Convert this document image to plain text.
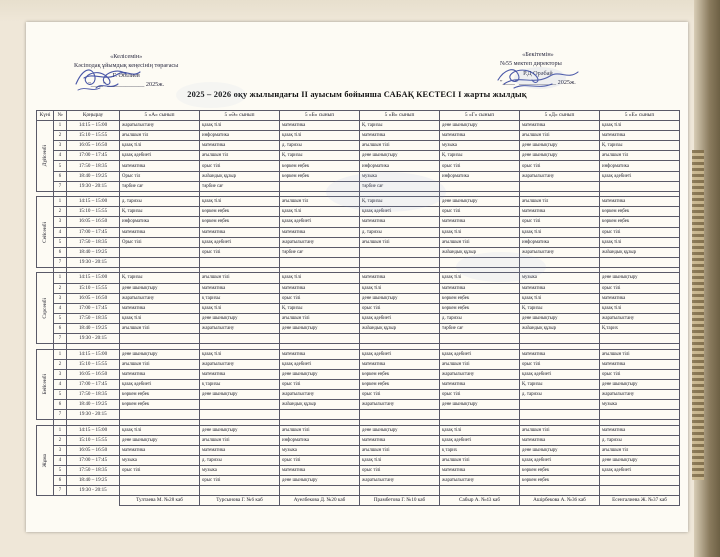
«Келісемін»
Кәсіподақ ұйымдық кеңесінің төрағасы
Г. Әбілиев
"____" ____________ 2025ж.
«Бекітемін»
№55 мектеп директоры
Р.Д Орәбай
"____" ____________ 2025ж.
2025 – 2026 оқу жылындағы II ауысым бойынша САБАҚ КЕСТЕСІ I жарты жылдық
Күні	№	Қоңырау	5 «А» сынып	5 «Ә» сынып	5 «Б» сынып	5 «В» сынып	5 «Г» сынып	5 «Д» сынып	5 «Е» сынып

Дүйсенбі	1	14:15 – 15:00	жаратылыстану	қазақ тілі	математика	Қ. тарихы	дене шынықтыру	математика	қазақ тілі
	2	15:10 – 15:55	ағылшын тіл	информатика	қазақ тілі	математика	математика	ағылшын тілі	математика
	3	16:05 – 16:50	қазақ тілі	математика	д. тарихы	ағылшын тілі	музыка	дене шынықтыру	Қ. тарихы
	4	17:00 – 17:45	қазақ әдебиеті	ағылшын тіл	Қ. тарихы	дене шынықтыру	Қ. тарихы	дене шынықтыру	ағылшын тіл
	5	17:50 – 18:35	математика	орыс тілі	көркем еңбек	информатика	орыс тілі	орыс тілі	информатика
	6	18:40 – 19:25	Орыс тіл	жаһандық құзыр	көркем еңбек	музыка	информатика	жаратылыстану	қазақ әдебиеті
	7	19:30 - 20:15	тәрбие сағ	тәрбие сағ		тәрбие сағ			

Сейсенбі	1	14:15 – 15:00	д. тарихы	қазақ тілі	ағылшын тіл	Қ. тарихы	дене шынықтыру	ағылшын тіл	математика
	2	15:10 – 15:55	Қ. тарихы	көркем еңбек	қазақ тілі	қазақ әдебиеті	орыс тілі	математика	көркем еңбек
	3	16:05 – 16:50	информатика	көркем еңбек	қазақ әдебиеті	математика	математика	орыс тілі	көркем еңбек
	4	17:00 – 17:45	математика	математика	математика	д. тарихы	қазақ тілі	қазақ тілі	орыс тілі
	5	17:50 – 18:35	Орыс тілі	қазақ әдебиеті	жаратылыстану	ағылшын тілі	ағылшын тілі	информатика	қазақ тілі
	6	18:40 – 19:25		орыс тілі	тәрбие сағ		жаһандық құзыр	жаратылыстану	жаһандық құзыр
	7	19:30 - 20:15							

Сәрсенбі	1	14:15 – 15:00	Қ. тарихы	ағылшын тілі	қазақ тілі	математика	қазақ тілі	музыка	дене шынықтыру
	2	15:10 – 15:55	дене шынықтыру	математика	математика	қазақ тілі	математика	математика	орыс тілі
	3	16:05 – 16:50	жаратылыстану	қ тарихы	орыс тілі	дене шынықтыру	көркем еңбек	қазақ тілі	математика
	4	17:00 – 17:45	математика	қазақ тілі	Қ. тарихы	орыс тілі	көркем еңбек	Қ. тарихы	қазақ тілі
	5	17:50 – 18:35	қазақ тілі	дене шынықтыру	ағылшын тілі	қазақ әдебиеті	д. тарихы	дене шынықтыру	жаратылыстану
	6	18:40 – 19:25	ағылшын тілі	жаратылыстану	дене шынықтыру	жаһандық құзыр	тәрбие сағ	жаһандық құзыр	Қ.тарих
	7	19:30 - 20:15							

Бейсенбі	1	14:15 – 15:00	дене шынықтыру	қазақ тілі	математика	қазақ әдебиеті	қазақ әдебиеті	математика	ағылшын тілі
	2	15:10 – 15:55	ағылшын тілі	жаратылыстану	қазақ әдебиеті	математика	ағылшын тілі	орыс тілі	математика
	3	16:05 – 16:50	математика	математика	дене шынықтыру	көркем еңбек	жаратылыстану	қазақ әдебиеті	орыс тілі
	4	17:00 – 17:45	қазақ әдебиеті	қ тарихы	орыс тілі	көркем еңбек	математика	Қ. тарихы	дене шынықтыру
	5	17:50 – 18:35	көркем еңбек	дене шынықтыру	жаратылыстану	орыс тілі	орыс тілі	д. тарихы	жаратылыстану
	6	18:40 – 19:25	көркем еңбек		жаһандық құзыр	жаратылыстану	дене шынықтыру		музыка
	7	19:30 - 20:15							

Жұма	1	14:15 – 15:00	қазақ тілі	дене шынықтыру	ағылшын тілі	дене шынықтыру	қазақ тілі	ағылшын тілі	математика
	2	15:10 – 15:55	дене шынықтыру	ағылшын тілі	информатика	математика	қазақ әдебиеті	математика	д. тарихы
	3	16:05 – 16:50	математика	математика	музыка	ағылшын тілі	қ тарих	дене шынықтыру	ағылшын тіл
	4	17:00 – 17:45	музыка	д. тарихы	орыс тілі	қазақ тілі	ағылшын тілі	қазақ әдебиеті	дене шынықтыру
	5	17:50 – 18:35	орыс тілі	музыка	математика	орыс тілі	математика	көркем еңбек	қазақ әдебиеті
	6	18:40 – 19:25		орыс тілі	дене шынықтыру	жаратылыстану	жаратылыстану	көркем еңбек	
	7	19:30 - 20:15							
			Тултаева М. №28 каб	Турсынова Г. №6 каб	Ауелбекова Д. №20 каб	Прамбетова Г. №10 каб	Сабыр А. №43 каб	Ашірбекова А. №36 каб	Есенгалиева Ж. №37 каб
